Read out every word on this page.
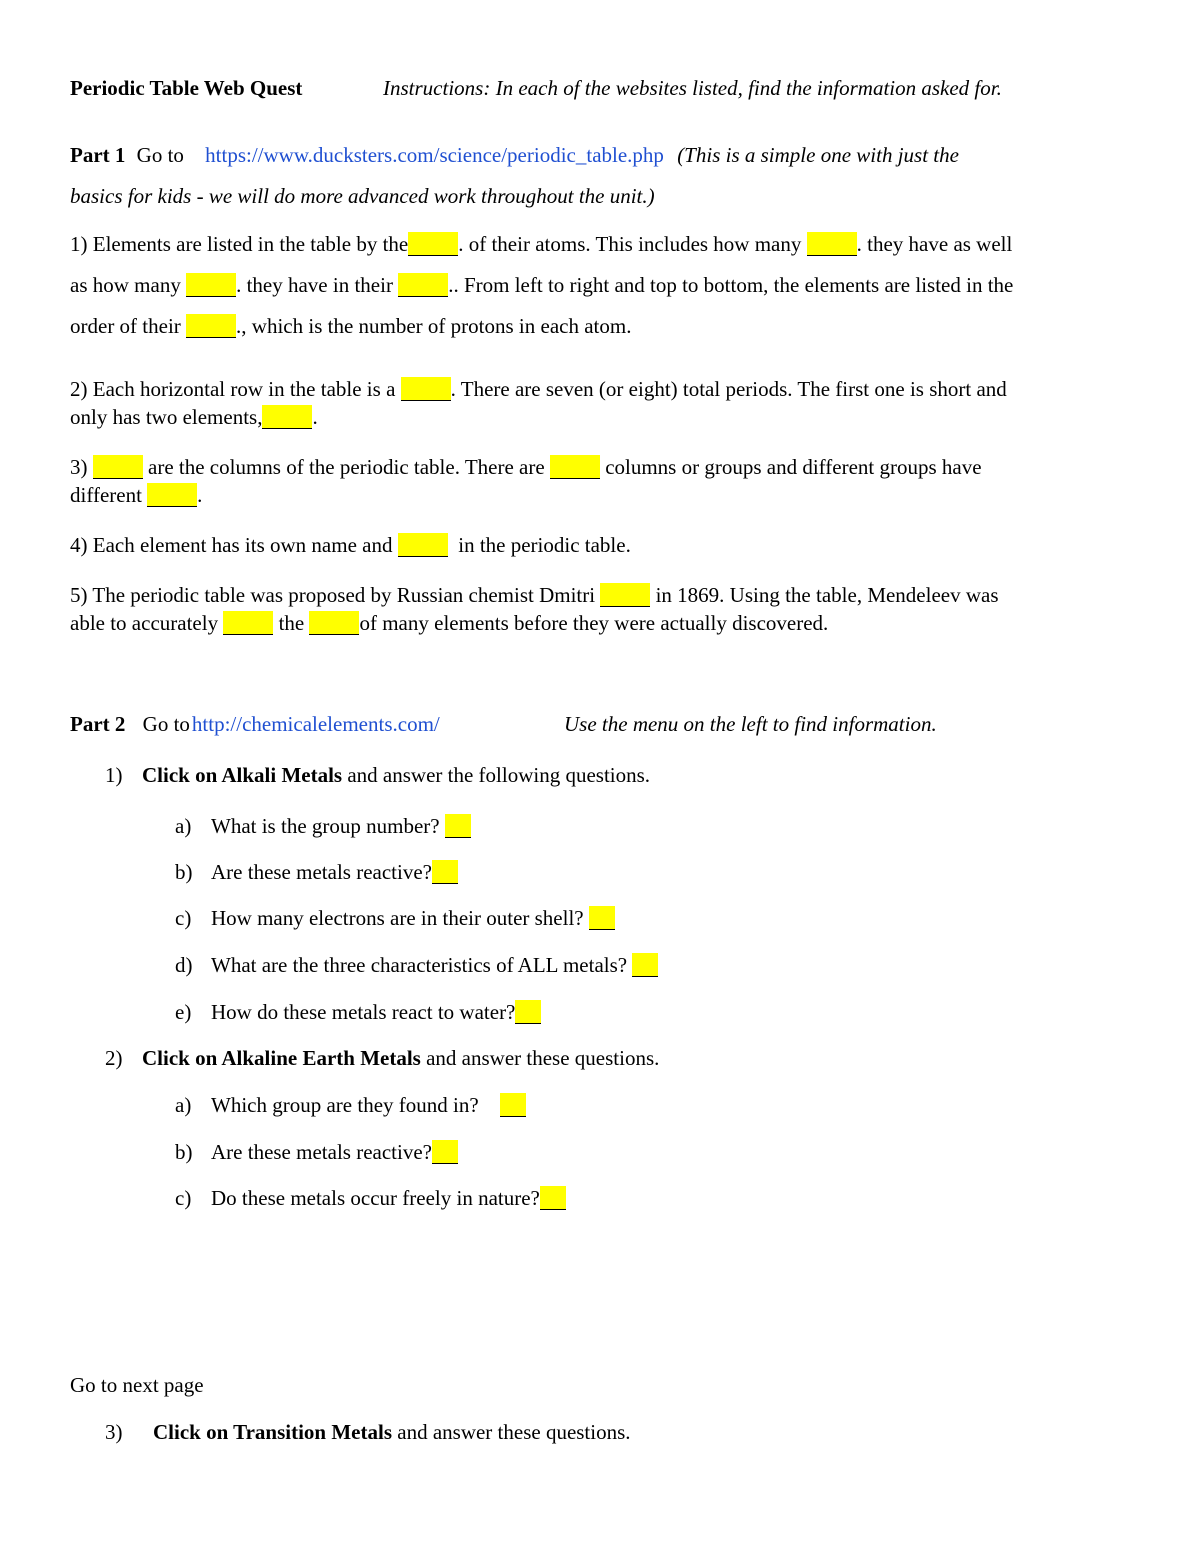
Periodic Table Web Quest	Instructions: In each of the websites listed, find the information asked for.
Part 1 Go to https://www.ducksters.com/science/periodic_table.php (This is a simple one with just the
basics for kids - we will do more advanced work throughout the unit.)
1) Elements are listed in the table by the . of their atoms. This includes how many	. they have as well
as how many	. they have in their	.. From left to right and top to bottom, the elements are listed in the
order of their	., which is the number of protons in each atom.
2) Each horizontal row in the table is a	. There are seven (or eight) total periods. The first one is short and
only has two elements, .
3)	are the columns of the periodic table. There are	columns or groups and different groups have
different	.
4) Each element has its own name and	in the periodic table.
5) The periodic table was proposed by Russian chemist Dmitri	in 1869. Using the table, Mendeleev was
able to accurately	the	of many elements before they were actually discovered.
Part 2 Go tohttp://chemicalelements.com/	Use the menu on the left to find information.
1) Click on Alkali Metals and answer the following questions.
a) What is the group number?
b) Are these metals reactive?
c) How many electrons are in their outer shell?
d) What are the three characteristics of ALL metals?
e) How do these metals react to water?
2) Click on Alkaline Earth Metals and answer these questions.
a) Which group are they found in?
b) Are these metals reactive?
c) Do these metals occur freely in nature?
Go to next page
3) Click on Transition Metals and answer these questions.
